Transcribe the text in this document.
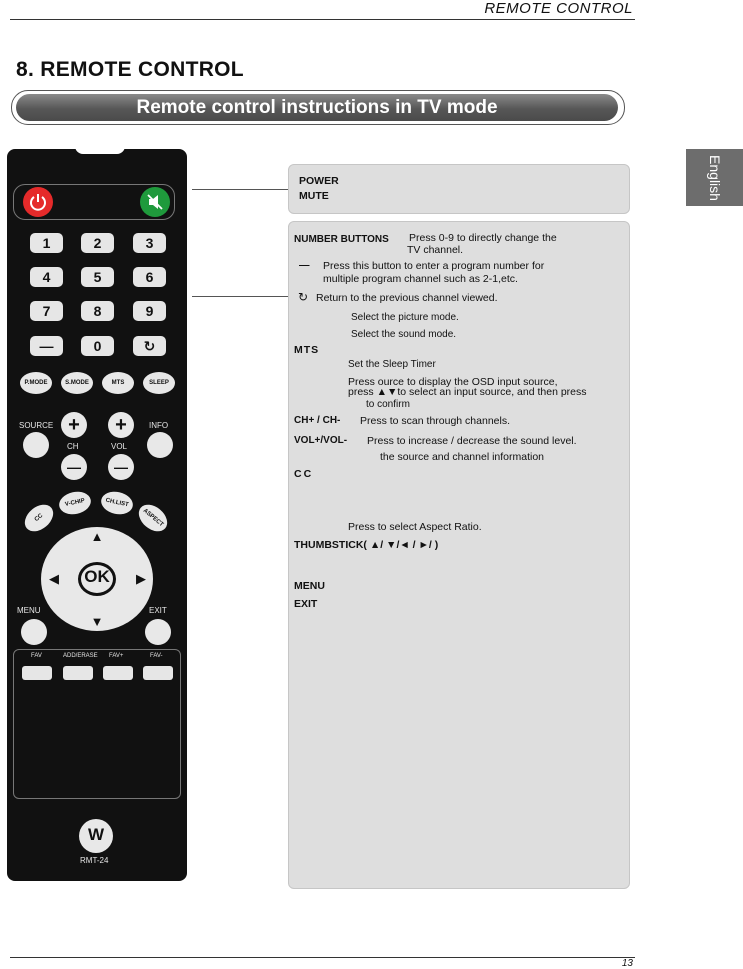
REMOTE CONTROL
13
8. REMOTE CONTROL
Remote control instructions in TV mode
English
1	2	3
4	5	6
7	8	9
—	0	↻
P.MODE	S.MODE	MTS	SLEEP
SOURCE +	+	INFO
CH	VOL
—	—
CC
V-CHIP	CH.LIST
ASPECT
▲
▼
◀	▶
OK
MENU	EXIT
FAV	ADD/ERASE FAV+	FAV-
W
RMT-24
POWER
MUTE
NUMBER BUTTONS Press 0-9 to directly change the
TV channel.
— Press this button to enter a program number for
multiple program channel such as 2-1,etc.
↻ Return to the previous channel viewed.
Select the picture mode.
Select the sound mode.
MTS
Set the Sleep Timer
Press ource to display the OSD input source,
press ▲▼to select an input source, and then press
to confirm
CH+ / CH- Press to scan through channels.
VOL+/VOL- Press to increase / decrease the sound level.
the source and channel information
CC
Press to select Aspect Ratio.
THUMBSTICK( ▲/ ▼/◄ / ►/ )
MENU
EXIT
